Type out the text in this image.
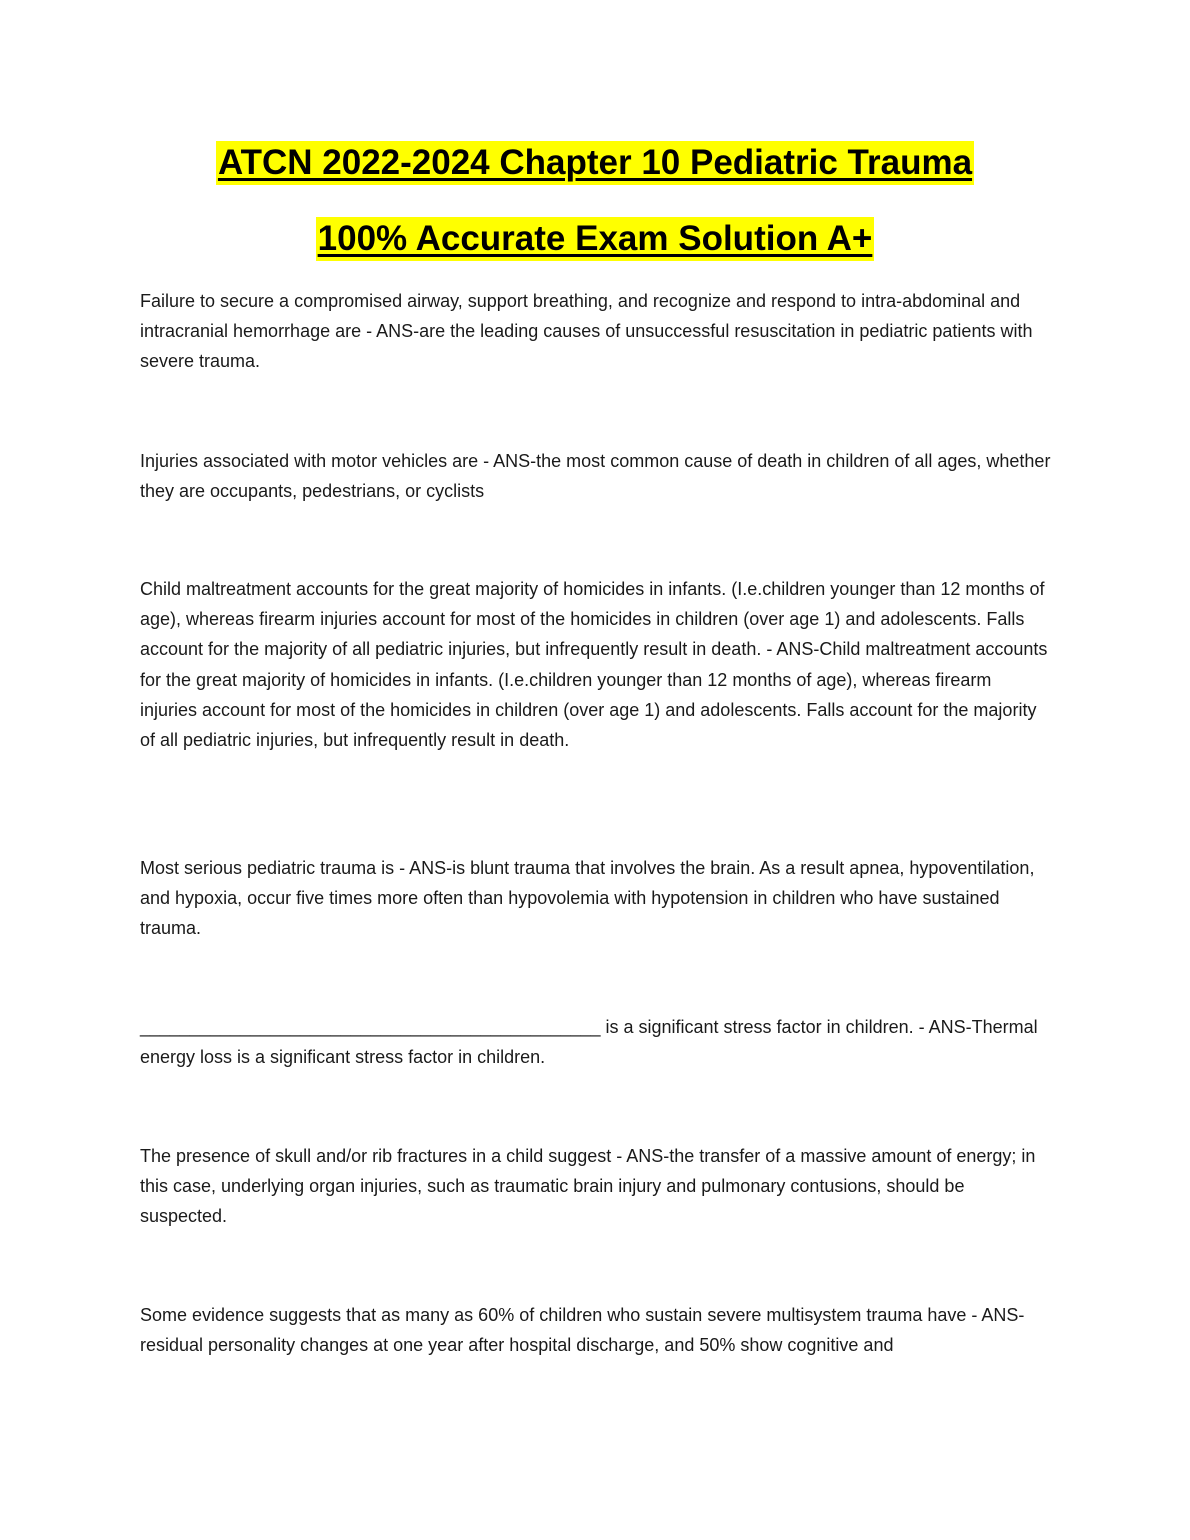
ATCN 2022-2024 Chapter 10 Pediatric Trauma
100% Accurate Exam Solution A+

Failure to secure a compromised airway, support breathing, and recognize and respond to intra-abdominal and intracranial hemorrhage are - ANS-are the leading causes of unsuccessful resuscitation in pediatric patients with severe trauma.

Injuries associated with motor vehicles are - ANS-the most common cause of death in children of all ages, whether they are occupants, pedestrians, or cyclists

Child maltreatment accounts for the great majority of homicides in infants. (I.e.children younger than 12 months of age), whereas firearm injuries account for most of the homicides in children (over age 1) and adolescents. Falls account for the majority of all pediatric injuries, but infrequently result in death. - ANS-Child maltreatment accounts for the great majority of homicides in infants. (I.e.children younger than 12 months of age), whereas firearm injuries account for most of the homicides in children (over age 1) and adolescents. Falls account for the majority of all pediatric injuries, but infrequently result in death.

Most serious pediatric trauma is - ANS-is blunt trauma that involves the brain. As a result apnea, hypoventilation, and hypoxia, occur five times more often than hypovolemia with hypotension in children who have sustained trauma.

______________________________________________ is a significant stress factor in children. - ANS-Thermal energy loss is a significant stress factor in children.

The presence of skull and/or rib fractures in a child suggest - ANS-the transfer of a massive amount of energy; in this case, underlying organ injuries, such as traumatic brain injury and pulmonary contusions, should be suspected.

Some evidence suggests that as many as 60% of children who sustain severe multisystem trauma have - ANS-residual personality changes at one year after hospital discharge, and 50% show cognitive and
